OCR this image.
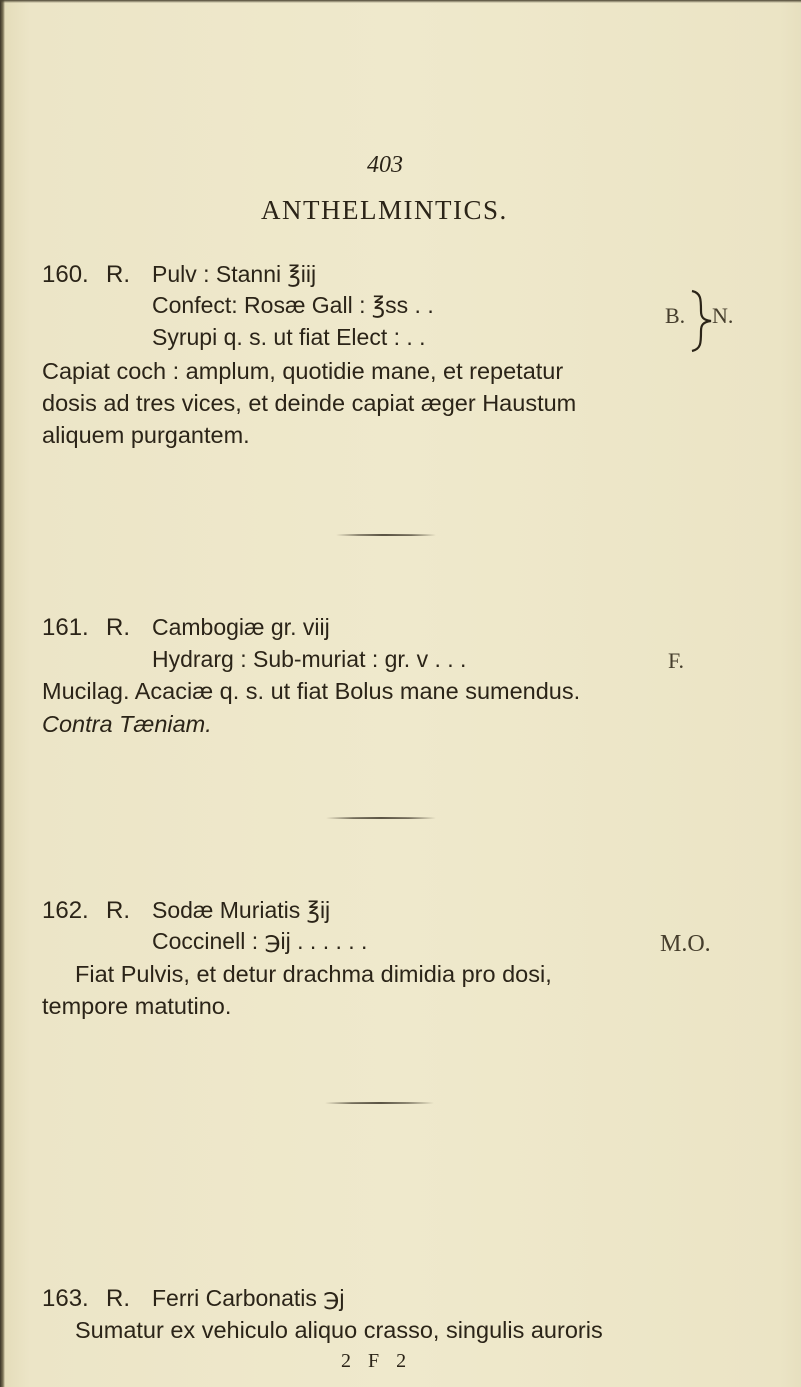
403
ANTHELMINTICS.
160. R. Pulv : Stanni ℥iij
Confect: Rosæ Gall : ℥ss . .
Syrupi q. s. ut fiat Elect : . .
B. N.
Capiat coch : amplum, quotidie mane, et repetatur
dosis ad tres vices, et deinde capiat æger Haustum
aliquem purgantem.
161. R. Cambogiæ gr. viij
Hydrarg : Sub-muriat : gr. v . . .	F.
Mucilag. Acaciæ q. s. ut fiat Bolus mane sumendus.
Contra Tæniam.
162. R. Sodæ Muriatis ℥ij
Coccinell : ℈ij . . . . . .	M.O.
Fiat Pulvis, et detur drachma dimidia pro dosi,
tempore matutino.
163. R. Ferri Carbonatis ℈j
Sumatur ex vehiculo aliquo crasso, singulis auroris
2 F 2
